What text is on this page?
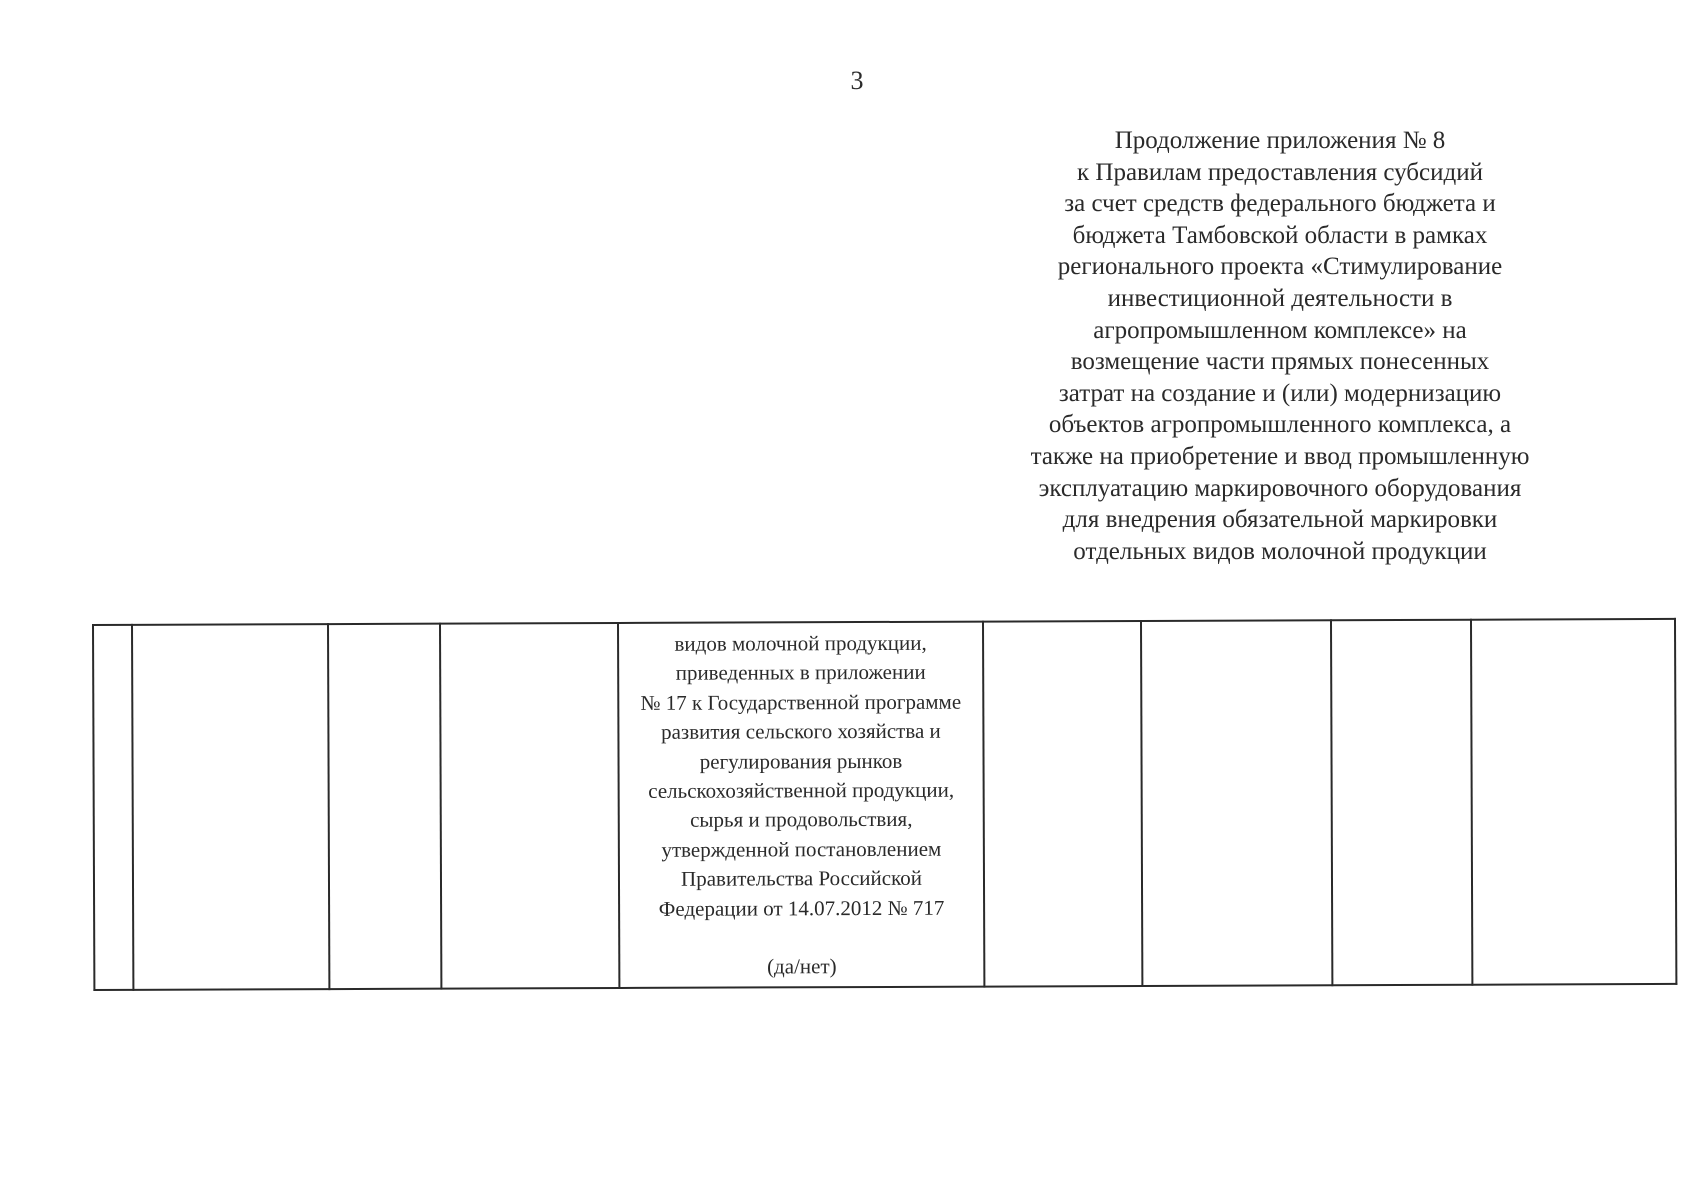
3
Продолжение приложения № 8
к Правилам предоставления субсидий
за счет средств федерального бюджета и
бюджета Тамбовской области в рамках
регионального проекта «Стимулирование
инвестиционной деятельности в
агропромышленном комплексе» на
возмещение части прямых понесенных
затрат на создание и (или) модернизацию
объектов агропромышленного комплекса, а
также на приобретение и ввод промышленную
эксплуатацию маркировочного оборудования
для внедрения обязательной маркировки
отдельных видов молочной продукции

видов молочной продукции,
приведенных в приложении
№ 17 к Государственной программе
развития сельского хозяйства и
регулирования рынков
сельскохозяйственной продукции,
сырья и продовольствия,
утвержденной постановлением
Правительства Российской
Федерации от 14.07.2012 № 717
(да/нет)
